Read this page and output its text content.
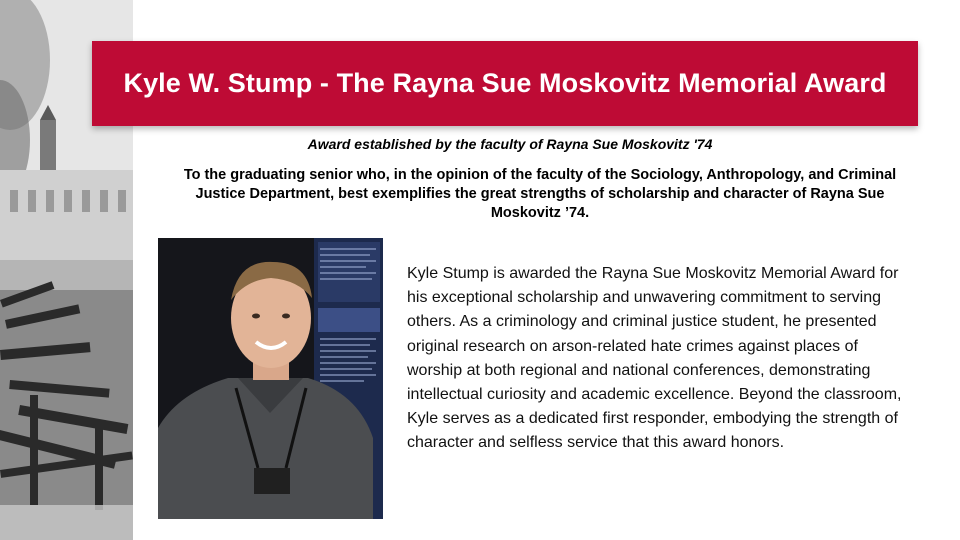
Kyle W. Stump - The Rayna Sue Moskovitz Memorial Award
Award established by the faculty of Rayna Sue Moskovitz '74
To the graduating senior who, in the opinion of the faculty of the Sociology, Anthropology, and Criminal Justice Department, best exemplifies the great strengths of scholarship and character of Rayna Sue Moskovitz ’74.
Kyle Stump is awarded the Rayna Sue Moskovitz Memorial Award for his exceptional scholarship and unwavering commitment to serving others. As a criminology and criminal justice student, he presented original research on arson-related hate crimes against places of worship at both regional and national conferences, demonstrating intellectual curiosity and academic excellence. Beyond the classroom, Kyle serves as a dedicated first responder, embodying the strength of character and selfless service that this award honors.
